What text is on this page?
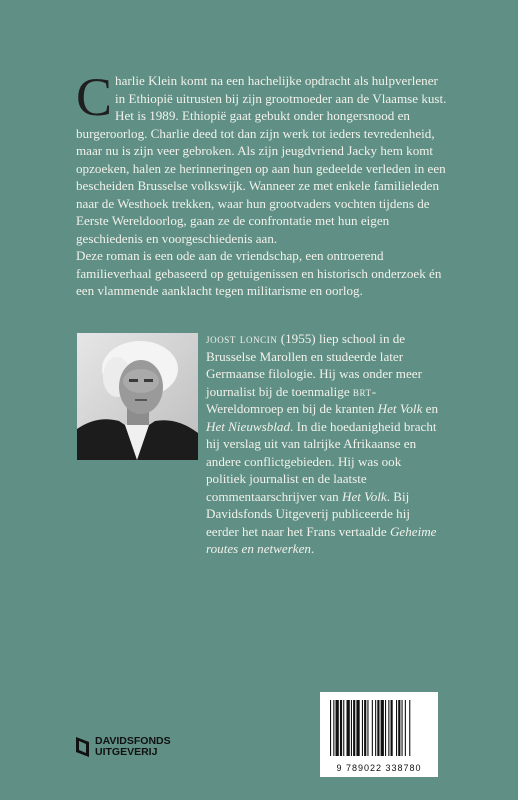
Charlie Klein komt na een hachelijke opdracht als hulpverlener in Ethiopië uitrusten bij zijn grootmoeder aan de Vlaamse kust. Het is 1989. Ethiopië gaat gebukt onder hongersnood en burgeroorlog. Charlie deed tot dan zijn werk tot ieders tevredenheid, maar nu is zijn veer gebroken. Als zijn jeugdvriend Jacky hem komt opzoeken, halen ze herinneringen op aan hun gedeelde verleden in een bescheiden Brusselse volkswijk. Wanneer ze met enkele familieleden naar de Westhoek trekken, waar hun grootvaders vochten tijdens de Eerste Wereldoorlog, gaan ze de confrontatie met hun eigen geschiedenis en voorgeschiedenis aan.

Deze roman is een ode aan de vriendschap, een ontroerend familieverhaal gebaseerd op getuigenissen en historisch onderzoek én een vlammende aanklacht tegen militarisme en oorlog.

joost loncin (1955) liep school in de Brusselse Marollen en studeerde later Germaanse filologie. Hij was onder meer journalist bij de toenmalige brt-Wereldomroep en bij de kranten Het Volk en Het Nieuwsblad. In die hoedanigheid bracht hij verslag uit van talrijke Afrikaanse en andere conflictgebieden. Hij was ook politiek journalist en de laatste commentaarschrijver van Het Volk. Bij Davidsfonds Uitgeverij publiceerde hij eerder het naar het Frans vertaalde Geheime routes en netwerken.
DAVIDSFONDS
UITGEVERIJ
9 789022 338780
